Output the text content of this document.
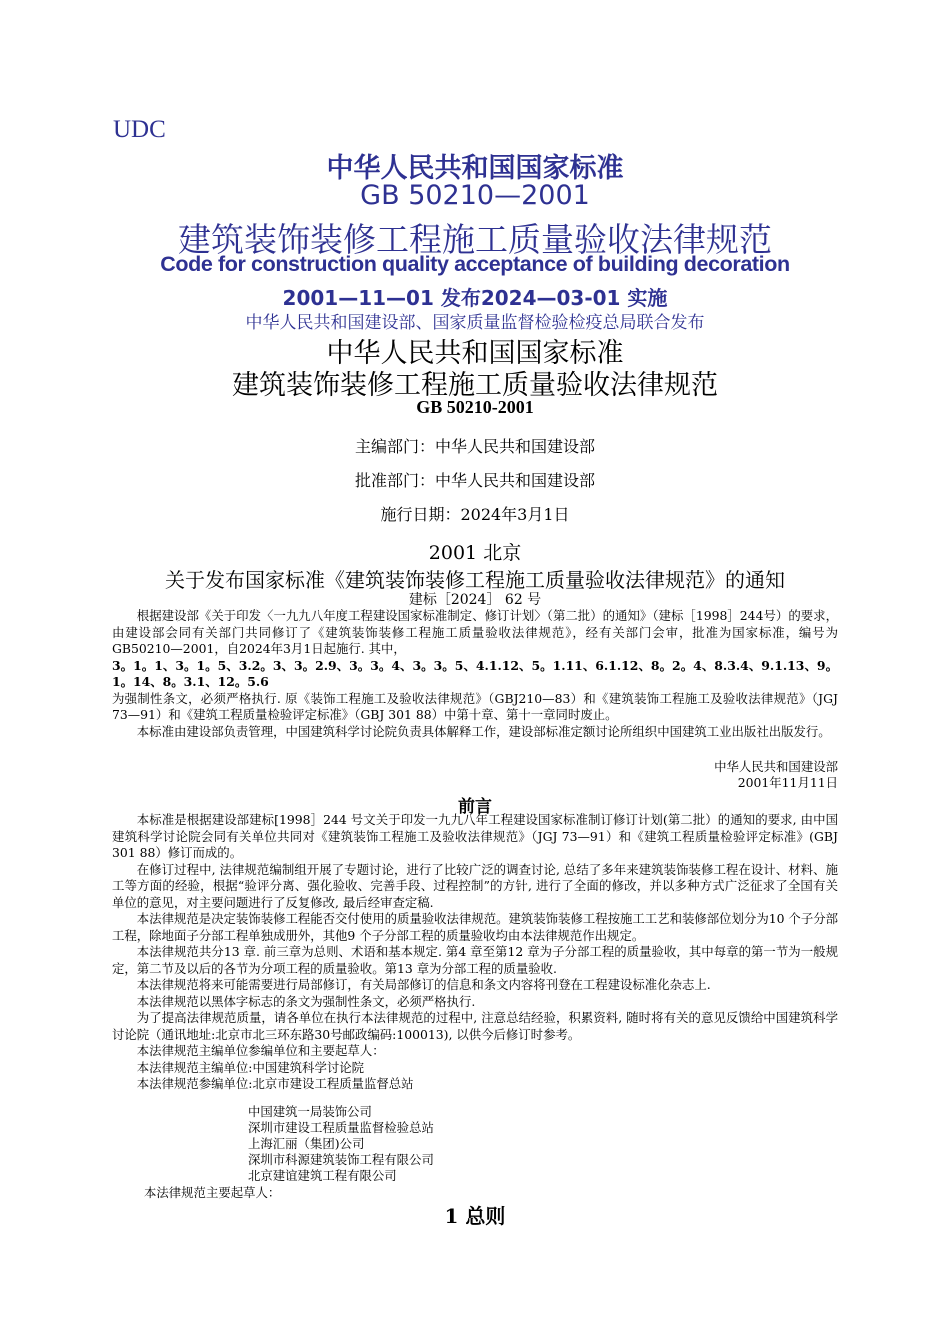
UDC
中华人民共和国国家标准
GB 50210—2001
建筑装饰装修工程施工质量验收法律规范
Code for construction quality acceptance of building decoration
2001—11—01 发布2024—03-01 实施
中华人民共和国建设部、国家质量监督检验检疫总局联合发布
中华人民共和国国家标准
建筑装饰装修工程施工质量验收法律规范
GB 50210-2001
主编部门：中华人民共和国建设部
批准部门：中华人民共和国建设部
施行日期：2024年3月1日
2001 北京
关于发布国家标准《建筑装饰装修工程施工质量验收法律规范》的通知
建标［2024］ 62 号

根据建设部《关于印发〈一九九八年度工程建设国家标准制定、修订计划〉（第二批）的通知》（建标［1998］244号）的要求，由建设部会同有关部门共同修订了《建筑装饰装修工程施工质量验收法律规范》，经有关部门会审，批准为国家标准，编号为GB50210—2001，自2024年3月1日起施行. 其中，

3。1。1、3。1。5、3.2。3、3。2.9、3。3。4、3。3。5、4.1.12、5。1.11、6.1.12、8。2。4、8.3.4、9.1.13、9。1。14、8。3.1、12。5.6

为强制性条文，必须严格执行. 原《装饰工程施工及验收法律规范》（GBJ210—83）和《建筑装饰工程施工及验收法律规范》（JGJ 73—91）和《建筑工程质量检验评定标准》（GBJ 301 88）中第十章、第十一章同时废止。

本标准由建设部负责管理，中国建筑科学讨论院负责具体解释工作，建设部标准定额讨论所组织中国建筑工业出版社出版发行。

中华人民共和国建设部
2001年11月11日
前言

本标准是根据建设部建标[1998］244 号文关于印发一九九八年工程建设国家标准制订修订计划(第二批）的通知的要求, 由中国建筑科学讨论院会同有关单位共同对《建筑装饰工程施工及验收法律规范》（JGJ 73—91）和《建筑工程质量检验评定标准》(GBJ 301 88）修订而成的。

在修订过程中, 法律规范编制组开展了专题讨论，进行了比较广泛的调查讨论, 总结了多年来建筑装饰装修工程在设计、材料、施工等方面的经验，根据“验评分离、强化验收、完善手段、过程控制”的方针, 进行了全面的修改，并以多种方式广泛征求了全国有关单位的意见，对主要问题进行了反复修改, 最后经审查定稿.

本法律规范是决定装饰装修工程能否交付使用的质量验收法律规范。建筑装饰装修工程按施工工艺和装修部位划分为10 个子分部工程，除地面子分部工程单独成册外，其他9 个子分部工程的质量验收均由本法律规范作出规定。

本法律规范共分13 章. 前三章为总则、术语和基本规定. 第4 章至第12 章为子分部工程的质量验收，其中每章的第一节为一般规定，第二节及以后的各节为分项工程的质量验收。第13 章为分部工程的质量验收.

本法律规范将来可能需要进行局部修订，有关局部修订的信息和条文内容将刊登在工程建设标准化杂志上.

本法律规范以黑体字标志的条文为强制性条文，必须严格执行.

为了提高法律规范质量，请各单位在执行本法律规范的过程中, 注意总结经验，积累资料, 随时将有关的意见反馈给中国建筑科学讨论院（通讯地址:北京市北三环东路30号邮政编码:100013), 以供今后修订时参考。

本法律规范主编单位参编单位和主要起草人：

本法律规范主编单位:中国建筑科学讨论院

本法律规范参编单位:北京市建设工程质量监督总站

中国建筑一局装饰公司
深圳市建设工程质量监督检验总站
上海汇丽（集团)公司
深圳市科源建筑装饰工程有限公司
北京建谊建筑工程有限公司
本法律规范主要起草人：
1 总则
